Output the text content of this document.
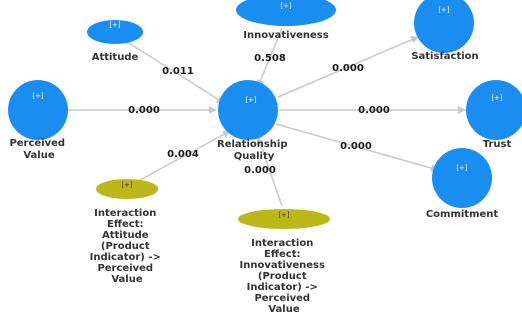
0.011
0.508
0.000
0.004
0.000
0.000
0.000
0.000
[+]
Attitude
[+]
Innovativeness
[+]
Satisfaction
[+]
Perceived Value
[+]
Relationship Quality
[+]
Trust
[+]
Commitment
[+]
Interaction Effect: Attitude (Product Indicator) -> Perceived Value
[+]
Interaction Effect: Innovativeness (Product Indicator) -> Perceived Value
